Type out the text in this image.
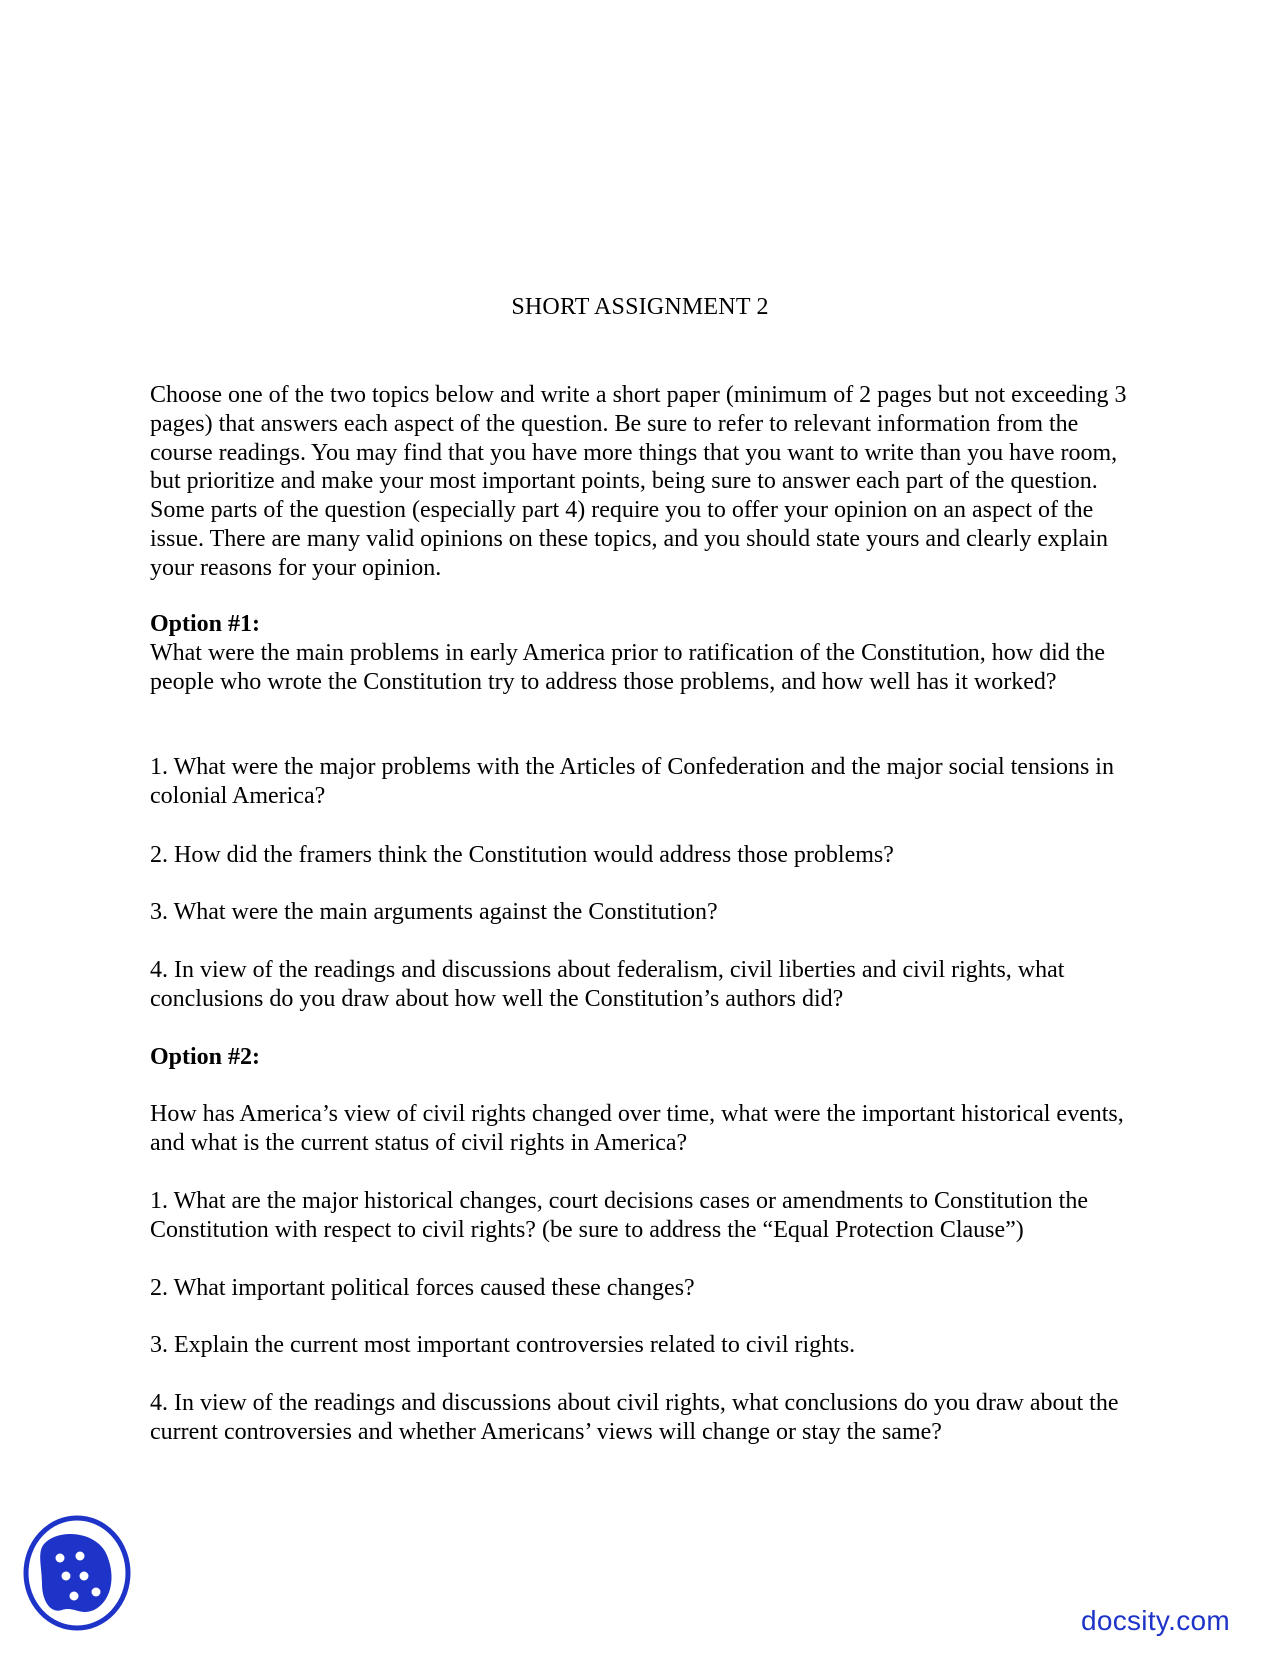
SHORT ASSIGNMENT 2
Choose one of the two topics below and write a short paper (minimum of 2 pages but not exceeding 3 pages) that answers each aspect of the question. Be sure to refer to relevant information from the course readings. You may find that you have more things that you want to write than you have room, but prioritize and make your most important points, being sure to answer each part of the question. Some parts of the question (especially part 4) require you to offer your opinion on an aspect of the issue. There are many valid opinions on these topics, and you should state yours and clearly explain your reasons for your opinion.
Option #1:
What were the main problems in early America prior to ratification of the Constitution, how did the people who wrote the Constitution try to address those problems, and how well has it worked?
1. What were the major problems with the Articles of Confederation and the major social tensions in colonial America?
2. How did the framers think the Constitution would address those problems?
3. What were the main arguments against the Constitution?
4. In view of the readings and discussions about federalism, civil liberties and civil rights, what conclusions do you draw about how well the Constitution’s authors did?
Option #2:
How has America’s view of civil rights changed over time, what were the important historical events, and what is the current status of civil rights in America?
1. What are the major historical changes, court decisions cases or amendments to Constitution the Constitution with respect to civil rights? (be sure to address the “Equal Protection Clause”)
2. What important political forces caused these changes?
3. Explain the current most important controversies related to civil rights.
4. In view of the readings and discussions about civil rights, what conclusions do you draw about the current controversies and whether Americans’ views will change or stay the same?
docsity.com
